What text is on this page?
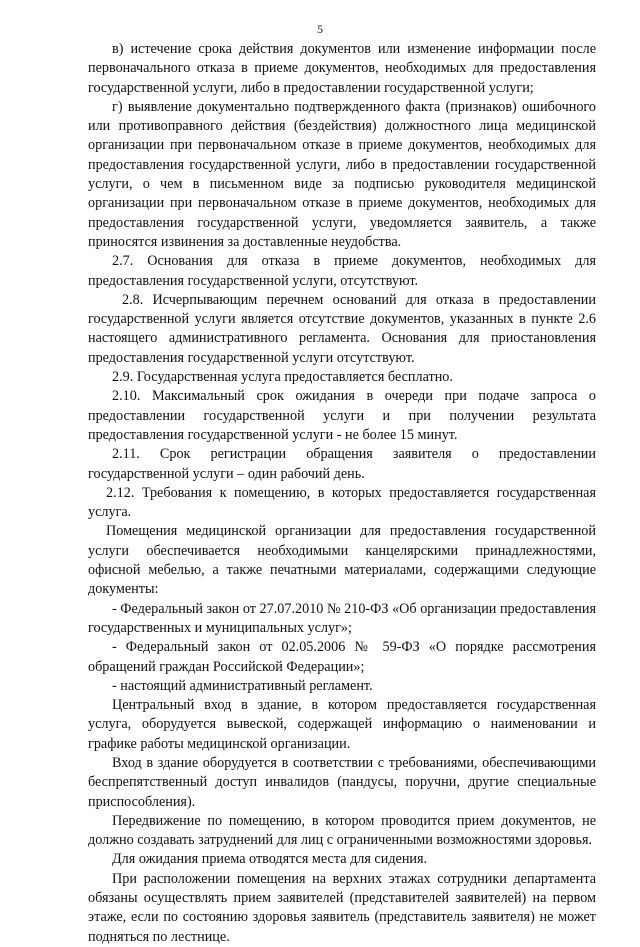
5

в) истечение срока действия документов или изменение информации после первоначального отказа в приеме документов, необходимых для предоставления государственной услуги, либо в предоставлении государственной услуги;

г) выявление документально подтвержденного факта (признаков) ошибочного или противоправного действия (бездействия) должностного лица медицинской организации при первоначальном отказе в приеме документов, необходимых для предоставления государственной услуги, либо в предоставлении государственной услуги, о чем в письменном виде за подписью руководителя медицинской организации при первоначальном отказе в приеме документов, необходимых для предоставления государственной услуги, уведомляется заявитель, а также приносятся извинения за доставленные неудобства.

2.7. Основания для отказа в приеме документов, необходимых для предоставления государственной услуги, отсутствуют.

2.8. Исчерпывающим перечнем оснований для отказа в предоставлении государственной услуги является отсутствие документов, указанных в пункте 2.6 настоящего административного регламента. Основания для приостановления предоставления государственной услуги отсутствуют.

2.9. Государственная услуга предоставляется бесплатно.

2.10. Максимальный срок ожидания в очереди при подаче запроса о предоставлении государственной услуги и при получении результата предоставления государственной услуги - не более 15 минут.

2.11. Срок регистрации обращения заявителя о предоставлении государственной услуги – один рабочий день.

2.12. Требования к помещению, в которых предоставляется государственная услуга.

Помещения медицинской организации для предоставления государственной услуги обеспечивается необходимыми канцелярскими принадлежностями, офисной мебелью, а также печатными материалами, содержащими следующие документы:

- Федеральный закон от 27.07.2010 № 210-ФЗ «Об организации предоставления государственных и муниципальных услуг»;

- Федеральный закон от 02.05.2006 № 59-ФЗ «О порядке рассмотрения обращений граждан Российской Федерации»;

- настоящий административный регламент.

Центральный вход в здание, в котором предоставляется государственная услуга, оборудуется вывеской, содержащей информацию о наименовании и графике работы медицинской организации.

Вход в здание оборудуется в соответствии с требованиями, обеспечивающими беспрепятственный доступ инвалидов (пандусы, поручни, другие специальные приспособления).

Передвижение по помещению, в котором проводится прием документов, не должно создавать затруднений для лиц с ограниченными возможностями здоровья.

Для ожидания приема отводятся места для сидения.

При расположении помещения на верхних этажах сотрудники департамента обязаны осуществлять прием заявителей (представителей заявителей) на первом этаже, если по состоянию здоровья заявитель (представитель заявителя) не может подняться по лестнице.
